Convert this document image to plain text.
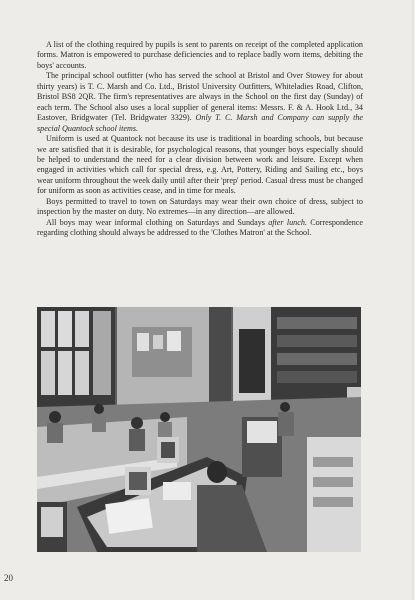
A list of the clothing required by pupils is sent to parents on receipt of the completed application forms. Matron is empowered to purchase deficiencies and to replace badly worn items, debiting the boys' accounts.

The principal school outfitter (who has served the school at Bristol and Over Stowey for about thirty years) is T. C. Marsh and Co. Ltd., Bristol University Outfitters, Whiteladies Road, Clifton, Bristol BS8 2QR. The firm's representatives are always in the School on the first day (Sunday) of each term. The School also uses a local supplier of general items: Messrs. F. & A. Hook Ltd., 34 Eastover, Bridgwater (Tel. Bridgwater 3329). Only T. C. Marsh and Company can supply the special Quantock school items.

Uniform is used at Quantock not because its use is traditional in boarding schools, but because we are satisfied that it is desirable, for psychological reasons, that younger boys especially should be helped to understand the need for a clear division between work and leisure. Except when engaged in activities which call for special dress, e.g. Art, Pottery, Riding and Sailing etc., boys wear uniform throughout the week daily until after their 'prep' period. Casual dress must be changed for uniform as soon as activities cease, and in time for meals.

Boys permitted to travel to town on Saturdays may wear their own choice of dress, subject to inspection by the master on duty. No extremes—in any direction—are allowed.

All boys may wear informal clothing on Saturdays and Sundays after lunch. Correspondence regarding clothing should always be addressed to the 'Clothes Matron' at the School.

20
